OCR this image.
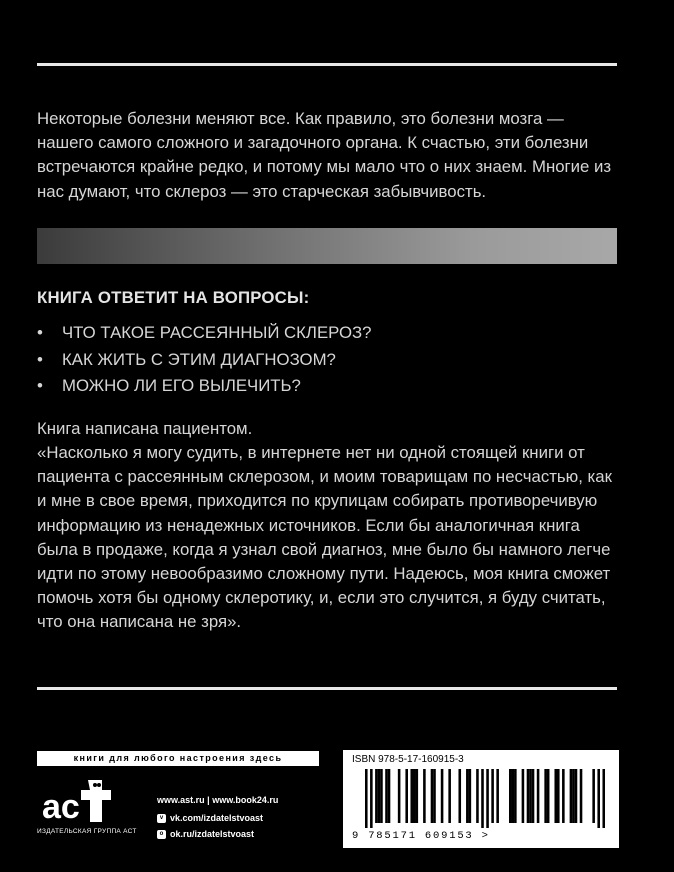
Некоторые болезни меняют все. Как правило, это болезни мозга — нашего самого сложного и загадочного органа. К счастью, эти болезни встречаются крайне редко, и потому мы мало что о них знаем. Многие из нас думают, что склероз — это старческая забывчивость.

КНИГА ОТВЕТИТ НА ВОПРОСЫ:
• ЧТО ТАКОЕ РАССЕЯННЫЙ СКЛЕРОЗ?
• КАК ЖИТЬ С ЭТИМ ДИАГНОЗОМ?
• МОЖНО ЛИ ЕГО ВЫЛЕЧИТЬ?

Книга написана пациентом.

«Насколько я могу судить, в интернете нет ни одной стоящей книги от пациента с рассеянным склерозом, и моим товарищам по несчастью, как и мне в свое время, приходится по крупицам собирать противоречивую информацию из ненадежных источников. Если бы аналогичная книга была в продаже, когда я узнал свой диагноз, мне было бы намного легче идти по этому невообразимо сложному пути. Надеюсь, моя книга сможет помочь хотя бы одному склеротику, и, если это случится, я буду считать, что она написана не зря».

книги для любого настроения здесь
ac
ИЗДАТЕЛЬСКАЯ ГРУППА АСТ
www.ast.ru | www.book24.ru
v vk.com/izdatelstvoast
o ok.ru/izdatelstvoast
ISBN 978-5-17-160915-3
9 785171 609153 >
